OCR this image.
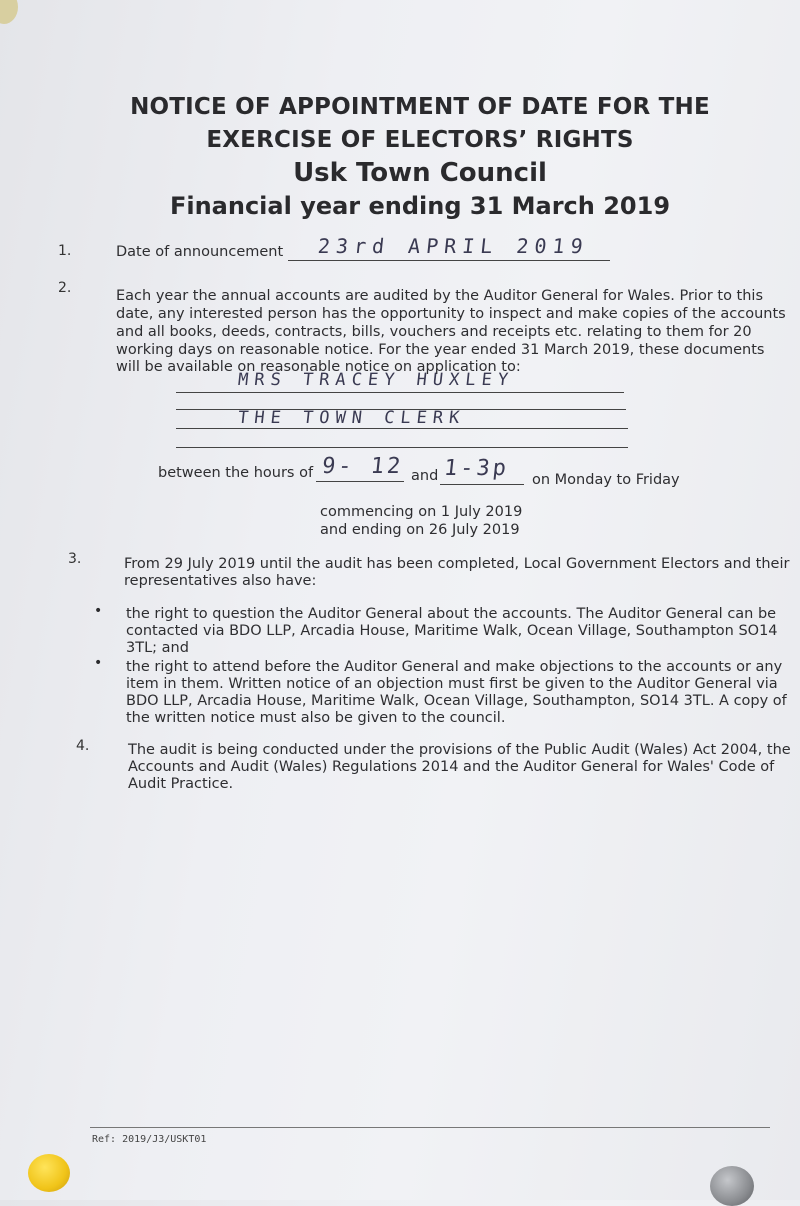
NOTICE OF APPOINTMENT OF DATE FOR THE
EXERCISE OF ELECTORS’ RIGHTS
Usk Town Council
Financial year ending 31 March 2019
1.	Date of announcement 23rd APRIL 2019
2.	Each year the annual accounts are audited by the Auditor General for Wales. Prior to this
date, any interested person has the opportunity to inspect and make copies of the accounts
and all books, deeds, contracts, bills, vouchers and receipts etc. relating to them for 20
working days on reasonable notice. For the year ended 31 March 2019, these documents
will be available on reasonable notice on application to:
MRS TRACEY HUXLEY
THE TOWN CLERK
between the hours of 9- 12 and 1-3p on Monday to Friday
commencing on 1 July 2019
and ending on 26 July 2019
3.	From 29 July 2019 until the audit has been completed, Local Government Electors and their
representatives also have:
• the right to question the Auditor General about the accounts. The Auditor General can be
contacted via BDO LLP, Arcadia House, Maritime Walk, Ocean Village, Southampton SO14
3TL; and
• the right to attend before the Auditor General and make objections to the accounts or any
item in them. Written notice of an objection must first be given to the Auditor General via
BDO LLP, Arcadia House, Maritime Walk, Ocean Village, Southampton, SO14 3TL. A copy of
the written notice must also be given to the council.
4.	The audit is being conducted under the provisions of the Public Audit (Wales) Act 2004, the
Accounts and Audit (Wales) Regulations 2014 and the Auditor General for Wales' Code of
Audit Practice.
Ref: 2019/J3/USKT01
